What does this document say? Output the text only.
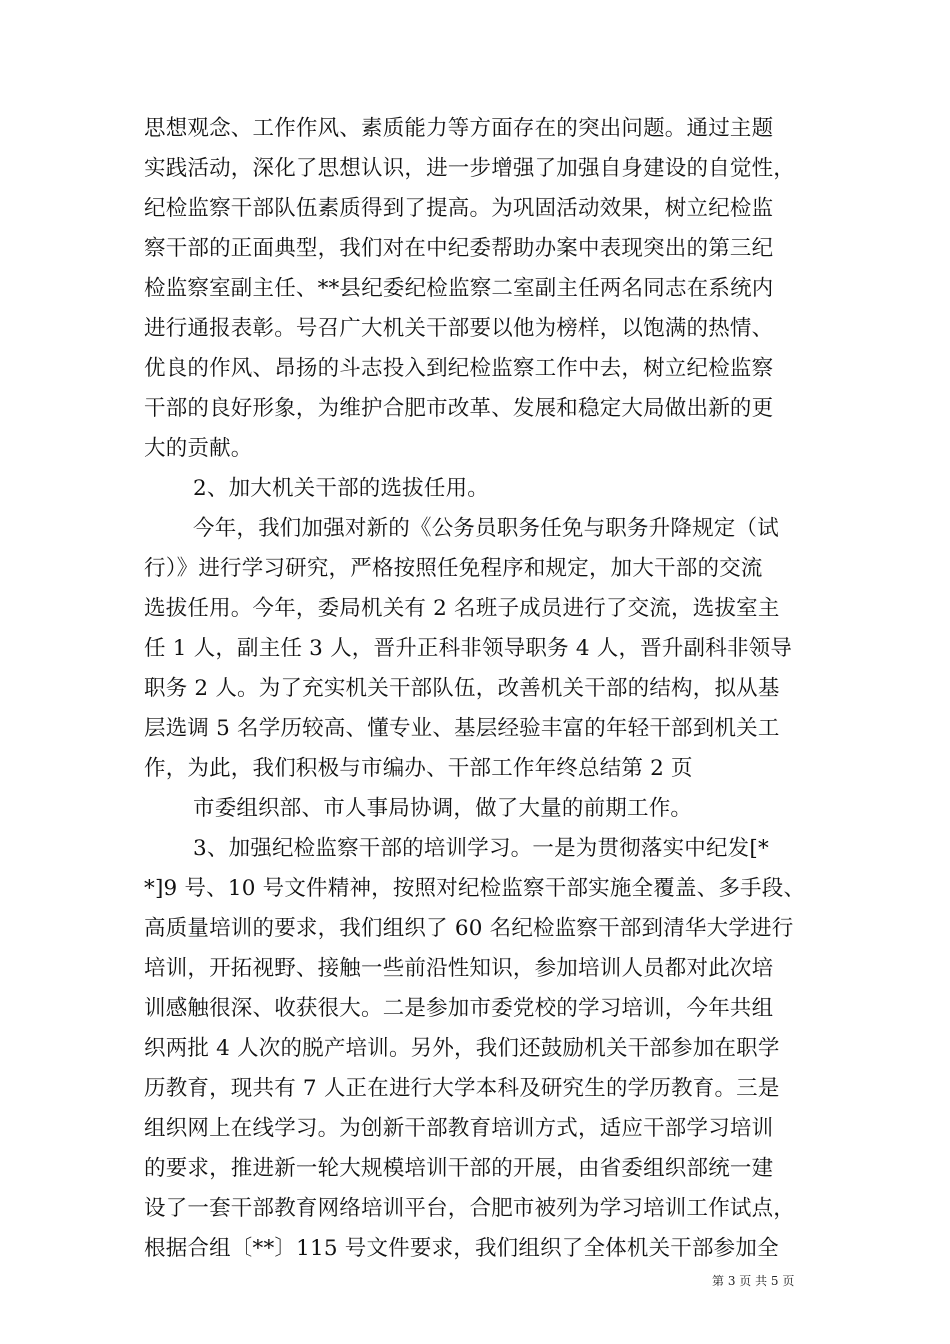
思想观念、工作作风、素质能力等方面存在的突出问题。通过主题
实践活动，深化了思想认识，进一步增强了加强自身建设的自觉性，
纪检监察干部队伍素质得到了提高。为巩固活动效果，树立纪检监
察干部的正面典型，我们对在中纪委帮助办案中表现突出的第三纪
检监察室副主任、**县纪委纪检监察二室副主任两名同志在系统内
进行通报表彰。号召广大机关干部要以他为榜样，以饱满的热情、
优良的作风、昂扬的斗志投入到纪检监察工作中去，树立纪检监察
干部的良好形象，为维护合肥市改革、发展和稳定大局做出新的更
大的贡献。
2、加大机关干部的选拔任用。
今年，我们加强对新的《公务员职务任免与职务升降规定（试
行）》进行学习研究，严格按照任免程序和规定，加大干部的交流
选拔任用。今年，委局机关有 2 名班子成员进行了交流，选拔室主
任 1 人，副主任 3 人，晋升正科非领导职务 4 人，晋升副科非领导
职务 2 人。为了充实机关干部队伍，改善机关干部的结构，拟从基
层选调 5 名学历较高、懂专业、基层经验丰富的年轻干部到机关工
作，为此，我们积极与市编办、干部工作年终总结第 2 页
市委组织部、市人事局协调，做了大量的前期工作。
3、加强纪检监察干部的培训学习。一是为贯彻落实中纪发[*
*]9 号、10 号文件精神，按照对纪检监察干部实施全覆盖、多手段、
高质量培训的要求，我们组织了 60 名纪检监察干部到清华大学进行
培训，开拓视野、接触一些前沿性知识，参加培训人员都对此次培
训感触很深、收获很大。二是参加市委党校的学习培训，今年共组
织两批 4 人次的脱产培训。另外，我们还鼓励机关干部参加在职学
历教育，现共有 7 人正在进行大学本科及研究生的学历教育。三是
组织网上在线学习。为创新干部教育培训方式，适应干部学习培训
的要求，推进新一轮大规模培训干部的开展，由省委组织部统一建
设了一套干部教育网络培训平台，合肥市被列为学习培训工作试点，
根据合组〔**〕115 号文件要求，我们组织了全体机关干部参加全
第 3 页 共 5 页
